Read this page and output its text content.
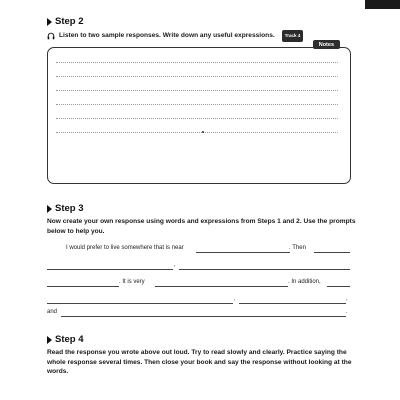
Step 2
Listen to two sample responses. Write down any useful expressions.	Track 4
Notes
Step 3
Now create your own response using words and expressions from Steps 1 and 2. Use the prompts below to help you.
I would prefer to live somewhere that is near	. Then
,
. It is very	. In addition,
,	,
and	.
Step 4
Read the response you wrote above out loud. Try to read slowly and clearly. Practice saying the whole response several times. Then close your book and say the response without looking at the words.
